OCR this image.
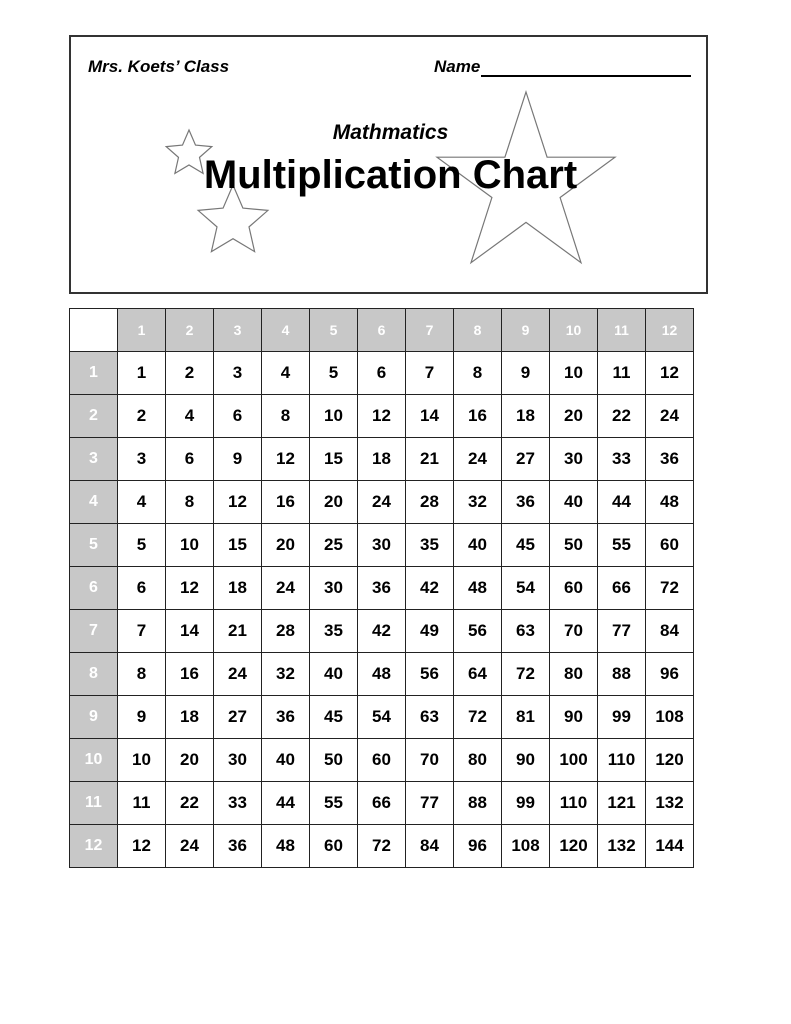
Mrs. Koets’ Class	Name
Mathmatics
Multiplication Chart
	1	2	3	4	5	6	7	8	9	10	11	12
1	1	2	3	4	5	6	7	8	9	10	11	12
2	2	4	6	8	10	12	14	16	18	20	22	24
3	3	6	9	12	15	18	21	24	27	30	33	36
4	4	8	12	16	20	24	28	32	36	40	44	48
5	5	10	15	20	25	30	35	40	45	50	55	60
6	6	12	18	24	30	36	42	48	54	60	66	72
7	7	14	21	28	35	42	49	56	63	70	77	84
8	8	16	24	32	40	48	56	64	72	80	88	96
9	9	18	27	36	45	54	63	72	81	90	99	108
10	10	20	30	40	50	60	70	80	90	100	110	120
11	11	22	33	44	55	66	77	88	99	110	121	132
12	12	24	36	48	60	72	84	96	108	120	132	144
